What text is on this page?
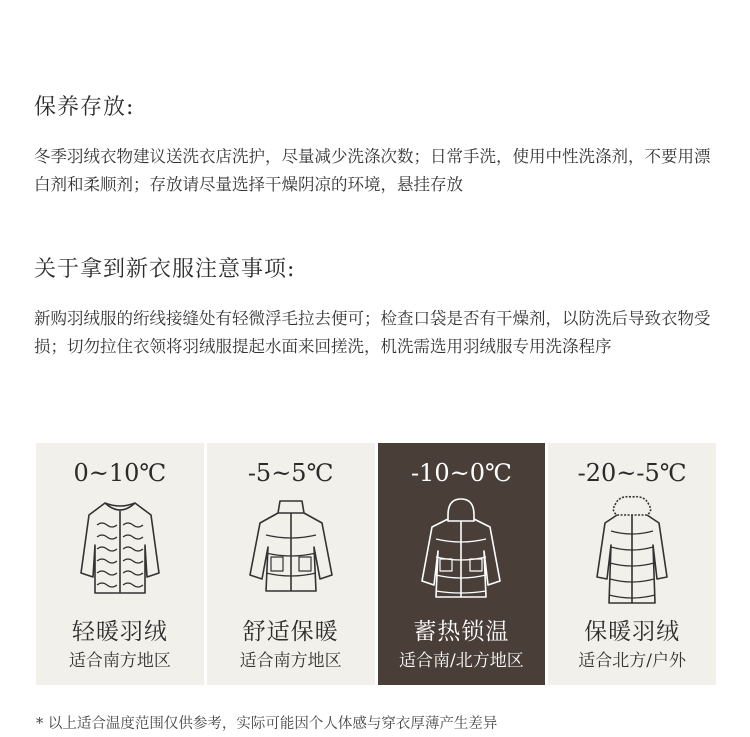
保养存放:
冬季羽绒衣物建议送洗衣店洗护，尽量减少洗涤次数；日常手洗，使用中性洗涤剂，不要用漂白剂和柔顺剂；存放请尽量选择干燥阴凉的环境，悬挂存放
关于拿到新衣服注意事项:
新购羽绒服的绗线接缝处有轻微浮毛拉去便可；检查口袋是否有干燥剂，以防洗后导致衣物受损；切勿拉住衣领将羽绒服提起水面来回搓洗，机洗需选用羽绒服专用洗涤程序
0~10℃
轻暖羽绒
适合南方地区
-5~5℃
舒适保暖
适合南方地区
-10~0℃
蓄热锁温
适合南/北方地区
-20~-5℃
保暖羽绒
适合北方/户外
* 以上适合温度范围仅供参考，实际可能因个人体感与穿衣厚薄产生差异
